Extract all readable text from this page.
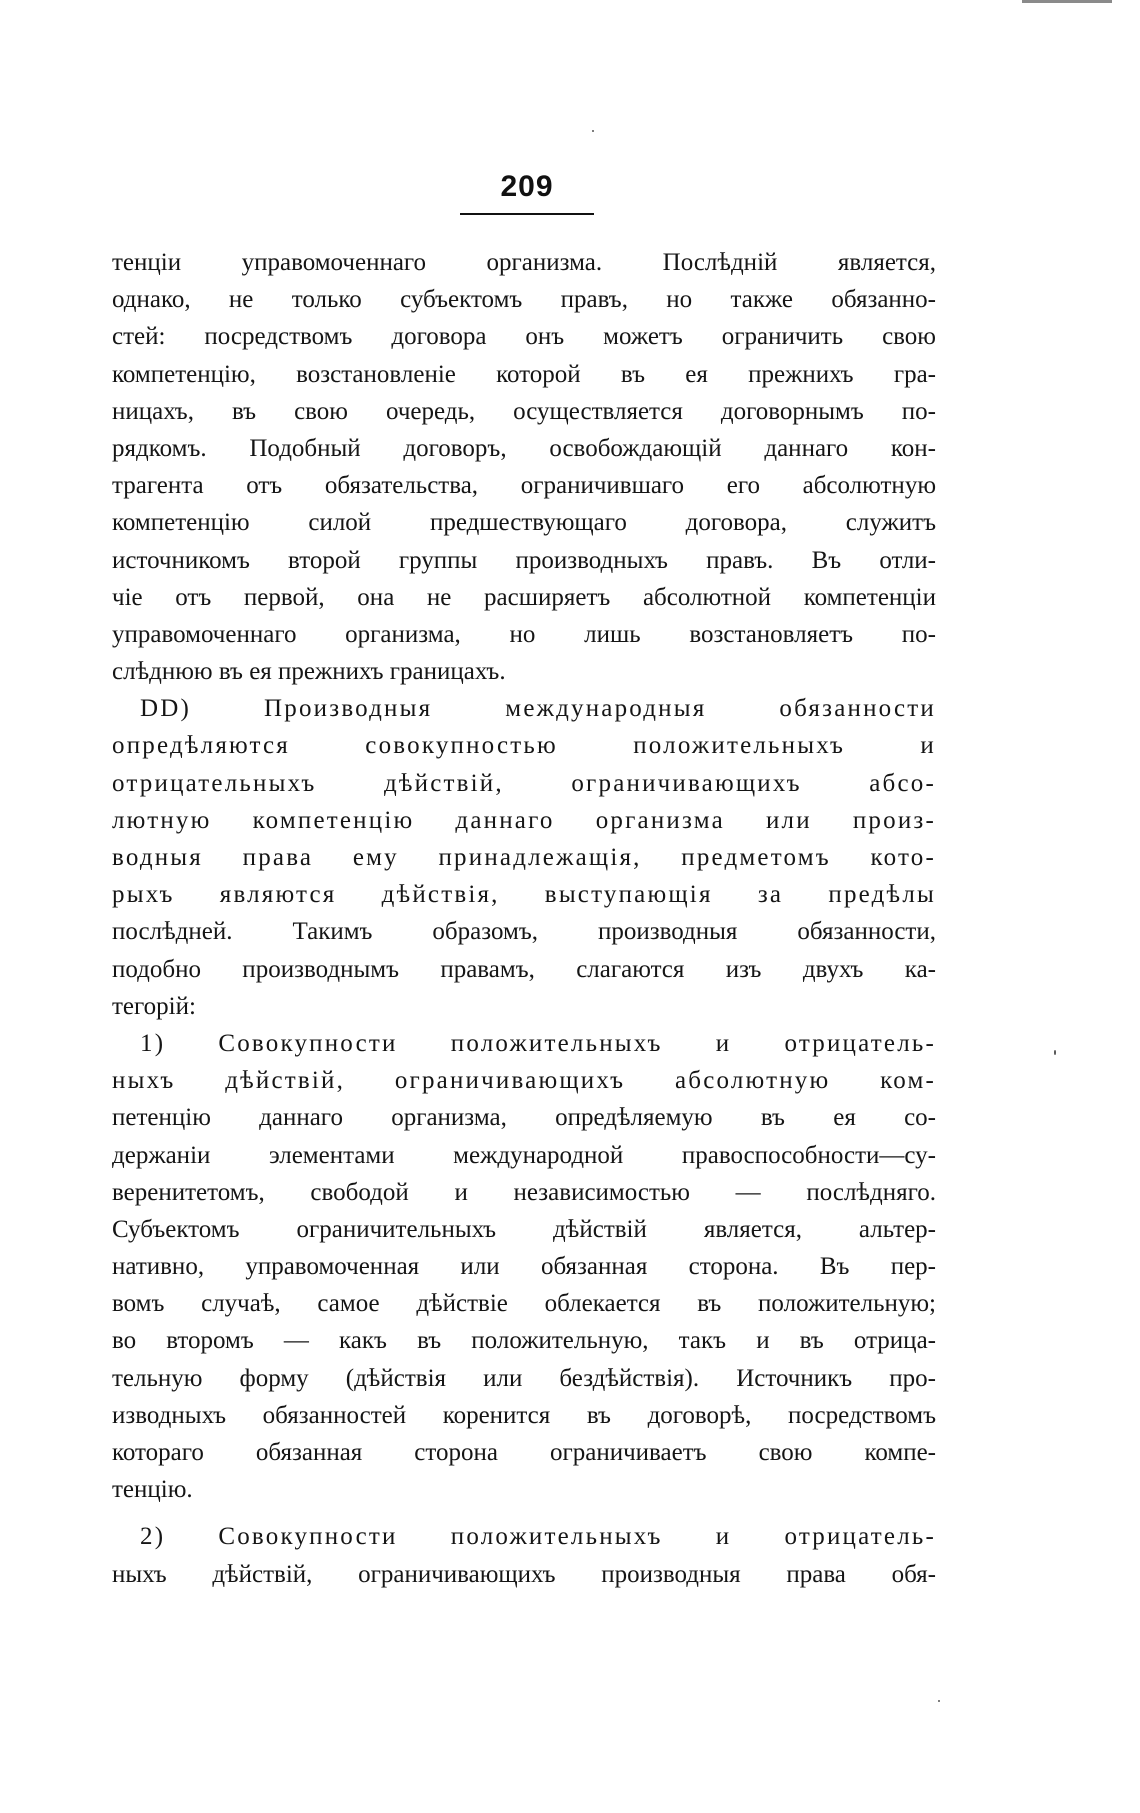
209
тенціи управомоченнаго организма. Послѣдній является,
однако, не только субъектомъ правъ, но также обязанно-
стей: посредствомъ договора онъ можетъ ограничить свою
компетенцію, возстановленіе которой въ ея прежнихъ гра-
ницахъ, въ свою очередь, осуществляется договорнымъ по-
рядкомъ. Подобный договоръ, освобождающій даннаго кон-
трагента отъ обязательства, ограничившаго его абсолютную
компетенцію силой предшествующаго договора, служитъ
источникомъ второй группы производныхъ правъ. Въ отли-
чіе отъ первой, она не расширяетъ абсолютной компетенціи
управомоченнаго организма, но лишь возстановляетъ по-
слѣднюю въ ея прежнихъ границахъ.
DD) Производныя международныя обязанности
опредѣляются совокупностью положительныхъ и
отрицательныхъ дѣйствій, ограничивающихъ абсо-
лютную компетенцію даннаго организма или произ-
водныя права ему принадлежащія, предметомъ кото-
рыхъ являются дѣйствія, выступающія за предѣлы
послѣдней. Такимъ образомъ, производныя обязанности,
подобно производнымъ правамъ, слагаются изъ двухъ ка-
тегорій:
1) Совокупности положительныхъ и отрицатель-
ныхъ дѣйствій, ограничивающихъ абсолютную ком-
петенцію даннаго организма, опредѣляемую въ ея со-
держаніи элементами международной правоспособности—су-
веренитетомъ, свободой и независимостью — послѣдняго.
Субъектомъ ограничительныхъ дѣйствій является, альтер-
нативно, управомоченная или обязанная сторона. Въ пер-
вомъ случаѣ, самое дѣйствіе облекается въ положительную;
во второмъ — какъ въ положительную, такъ и въ отрица-
тельную форму (дѣйствія или бездѣйствія). Источникъ про-
изводныхъ обязанностей коренится въ договорѣ, посредствомъ
котораго обязанная сторона ограничиваетъ свою компе-
тенцію.
2) Совокупности положительныхъ и отрицатель-
ныхъ дѣйствій, ограничивающихъ производныя права обя-
